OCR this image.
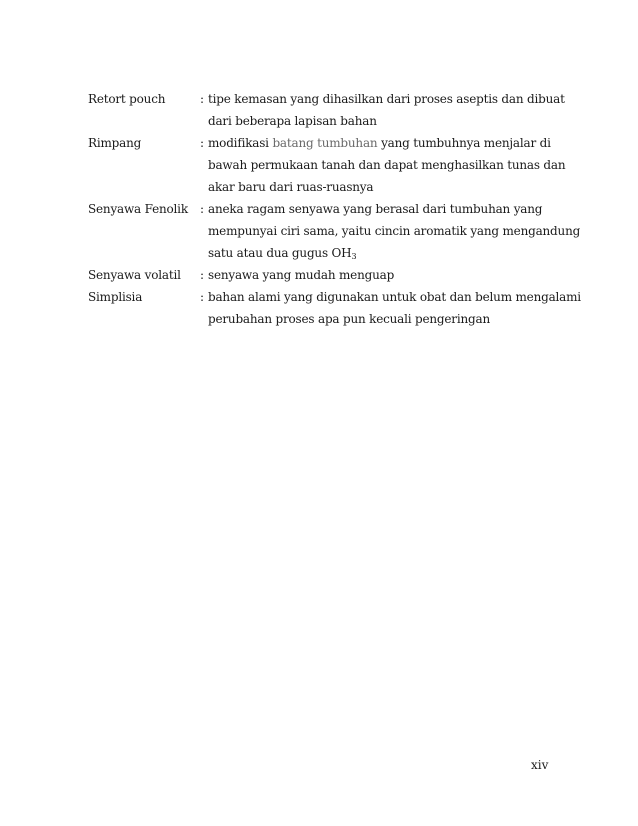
Retort pouch	: tipe kemasan yang dihasilkan dari proses aseptis dan dibuat
dari beberapa lapisan bahan
Rimpang	: modifikasi batang tumbuhan yang tumbuhnya menjalar di
bawah permukaan tanah dan dapat menghasilkan tunas dan
akar baru dari ruas-ruasnya
Senyawa Fenolik	: aneka ragam senyawa yang berasal dari tumbuhan yang
mempunyai ciri sama, yaitu cincin aromatik yang mengandung
satu atau dua gugus OH3
Senyawa volatil	: senyawa yang mudah menguap
Simplisia	: bahan alami yang digunakan untuk obat dan belum mengalami
perubahan proses apa pun kecuali pengeringan
xiv
